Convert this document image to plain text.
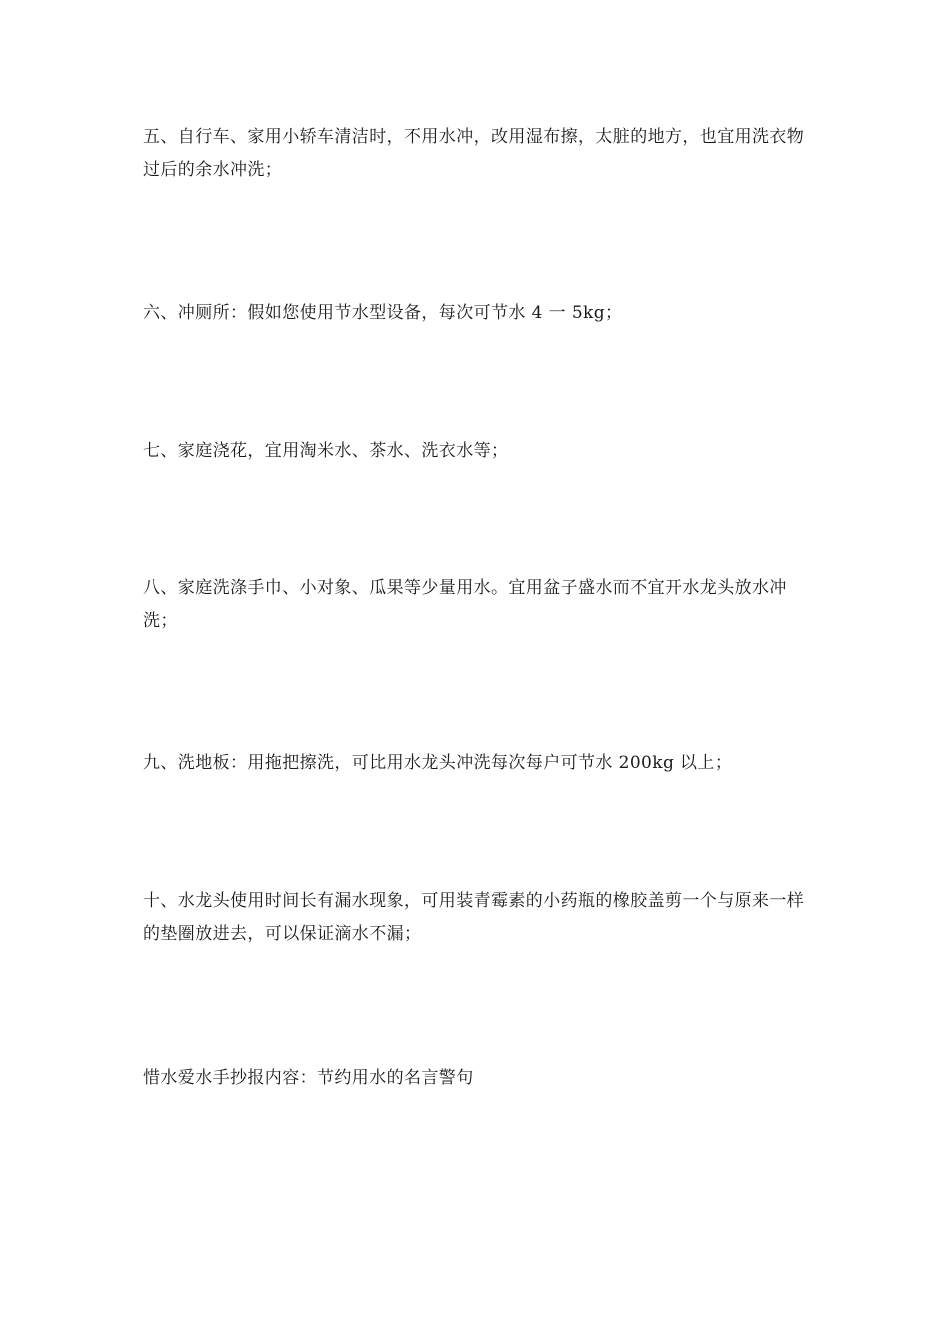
五、自行车、家用小轿车清洁时，不用水冲，改用湿布擦，太脏的地方，也宜用洗衣物过后的余水冲洗；

六、冲厕所：假如您使用节水型设备，每次可节水 4 一 5kg；

七、家庭浇花，宜用淘米水、茶水、洗衣水等；

八、家庭洗涤手巾、小对象、瓜果等少量用水。宜用盆子盛水而不宜开水龙头放水冲洗；

九、洗地板：用拖把擦洗，可比用水龙头冲洗每次每户可节水 200kg 以上；

十、水龙头使用时间长有漏水现象，可用装青霉素的小药瓶的橡胶盖剪一个与原来一样的垫圈放进去，可以保证滴水不漏；

惜水爱水手抄报内容：节约用水的名言警句
